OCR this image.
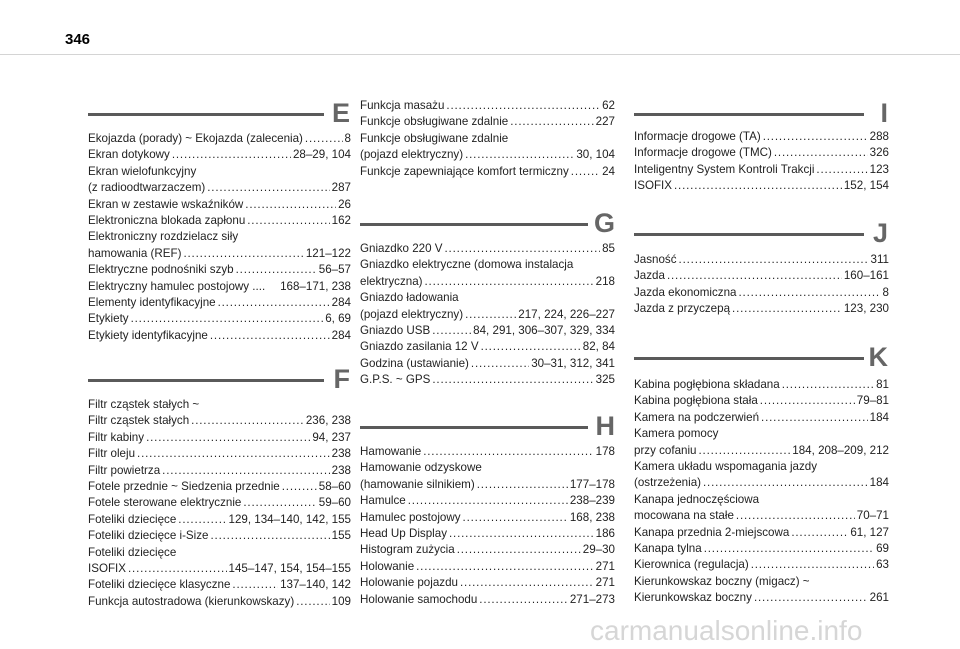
346
E
Ekojazda (porady) ~ Ekojazda (zalecenia) . . .	8
Ekran dotykowy . . .	28–29, 104
Ekran wielofunkcyjny
(z radioodtwarzaczem) . . .	287
Ekran w zestawie wskaźników . . .	26
Elektroniczna blokada zapłonu . . .	162
Elektroniczny rozdzielacz siły
hamowania (REF) . . .	121–122
Elektryczne podnośniki szyb . . .	56–57
Elektryczny hamulec postojowy .... 168–171, 238
Elementy identyfikacyjne . . .	284
Etykiety . . .	6, 69
Etykiety identyfikacyjne . . .	284
F
Filtr cząstek stałych ~
Filtr cząstek stałych . . .	236, 238
Filtr kabiny . . .	94, 237
Filtr oleju . . .	238
Filtr powietrza . . .	238
Fotele przednie ~ Siedzenia przednie . . .	58–60
Fotele sterowane elektrycznie . . .	59–60
Foteliki dziecięce . . .	129, 134–140, 142, 155
Foteliki dziecięce i-Size . . .	155
Foteliki dziecięce
ISOFIX . . .	145–147, 154, 154–155
Foteliki dziecięce klasyczne . . .	137–140, 142
Funkcja autostradowa (kierunkowskazy) . . .	109
Funkcja masażu . . .	62
Funkcje obsługiwane zdalnie . . .	227
Funkcje obsługiwane zdalnie
(pojazd elektryczny) . . .	30, 104
Funkcje zapewniające komfort termiczny . . .	24
G
Gniazdko 220 V . . .	85
Gniazdko elektryczne (domowa instalacja
elektryczna) . . .	218
Gniazdo ładowania
(pojazd elektryczny) . . .	217, 224, 226–227
Gniazdo USB . . .	84, 291, 306–307, 329, 334
Gniazdo zasilania 12 V . . .	82, 84
Godzina (ustawianie) . . .	30–31, 312, 341
G.P.S. ~ GPS . . .	325
H
Hamowanie . . .	178
Hamowanie odzyskowe
(hamowanie silnikiem) . . .	177–178
Hamulce . . .	238–239
Hamulec postojowy . . .	168, 238
Head Up Display . . .	186
Histogram zużycia . . .	29–30
Holowanie . . .	271
Holowanie pojazdu . . .	271
Holowanie samochodu . . .	271–273
I
Informacje drogowe (TA) . . .	288
Informacje drogowe (TMC) . . .	326
Inteligentny System Kontroli Trakcji . . .	123
ISOFIX . . .	152, 154
J
Jasność . . .	311
Jazda . . .	160–161
Jazda ekonomiczna . . .	8
Jazda z przyczepą . . .	123, 230
K
Kabina pogłębiona składana . . .	81
Kabina pogłębiona stała . . .	79–81
Kamera na podczerwień . . .	184
Kamera pomocy
przy cofaniu . . .	184, 208–209, 212
Kamera układu wspomagania jazdy
(ostrzeżenia) . . .	184
Kanapa jednoczęściowa
mocowana na stałe . . .	70–71
Kanapa przednia 2-miejscowa . . .	61, 127
Kanapa tylna . . .	69
Kierownica (regulacja) . . .	63
Kierunkowskaz boczny (migacz) ~
Kierunkowskaz boczny . . .	261
carmanualsonline.info
